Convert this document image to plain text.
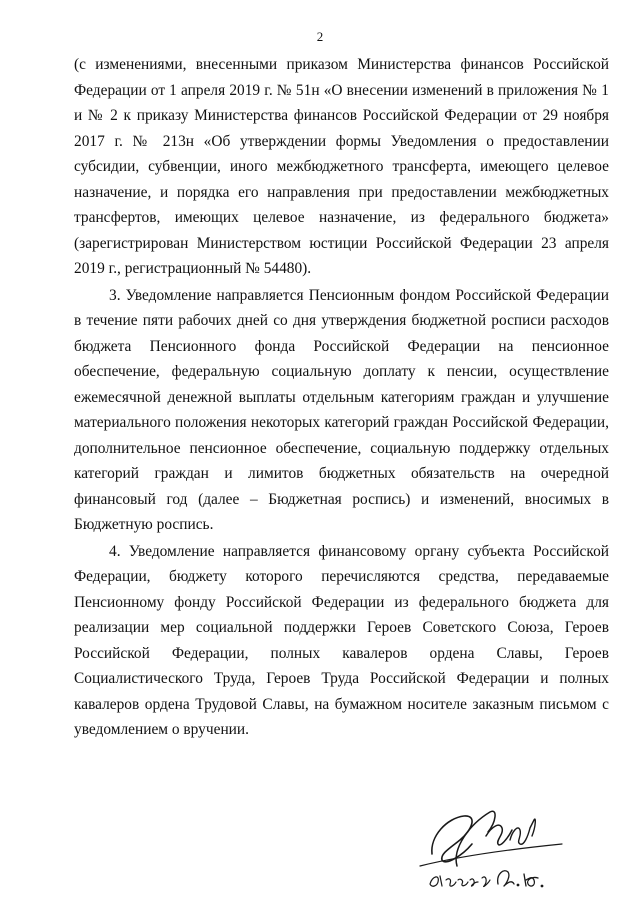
2

(с изменениями, внесенными приказом Министерства финансов Российской Федерации от 1 апреля 2019 г. № 51н «О внесении изменений в приложения № 1 и № 2 к приказу Министерства финансов Российской Федерации от 29 ноября 2017 г. № 213н «Об утверждении формы Уведомления о предоставлении субсидии, субвенции, иного межбюджетного трансферта, имеющего целевое назначение, и порядка его направления при предоставлении межбюджетных трансфертов, имеющих целевое назначение, из федерального бюджета» (зарегистрирован Министерством юстиции Российской Федерации 23 апреля 2019 г., регистрационный № 54480).

3. Уведомление направляется Пенсионным фондом Российской Федерации в течение пяти рабочих дней со дня утверждения бюджетной росписи расходов бюджета Пенсионного фонда Российской Федерации на пенсионное обеспечение, федеральную социальную доплату к пенсии, осуществление ежемесячной денежной выплаты отдельным категориям граждан и улучшение материального положения некоторых категорий граждан Российской Федерации, дополнительное пенсионное обеспечение, социальную поддержку отдельных категорий граждан и лимитов бюджетных обязательств на очередной финансовый год (далее – Бюджетная роспись) и изменений, вносимых в Бюджетную роспись.

4. Уведомление направляется финансовому органу субъекта Российской Федерации, бюджету которого перечисляются средства, передаваемые Пенсионному фонду Российской Федерации из федерального бюджета для реализации мер социальной поддержки Героев Советского Союза, Героев Российской Федерации, полных кавалеров ордена Славы, Героев Социалистического Труда, Героев Труда Российской Федерации и полных кавалеров ордена Трудовой Славы, на бумажном носителе заказным письмом с уведомлением о вручении.
